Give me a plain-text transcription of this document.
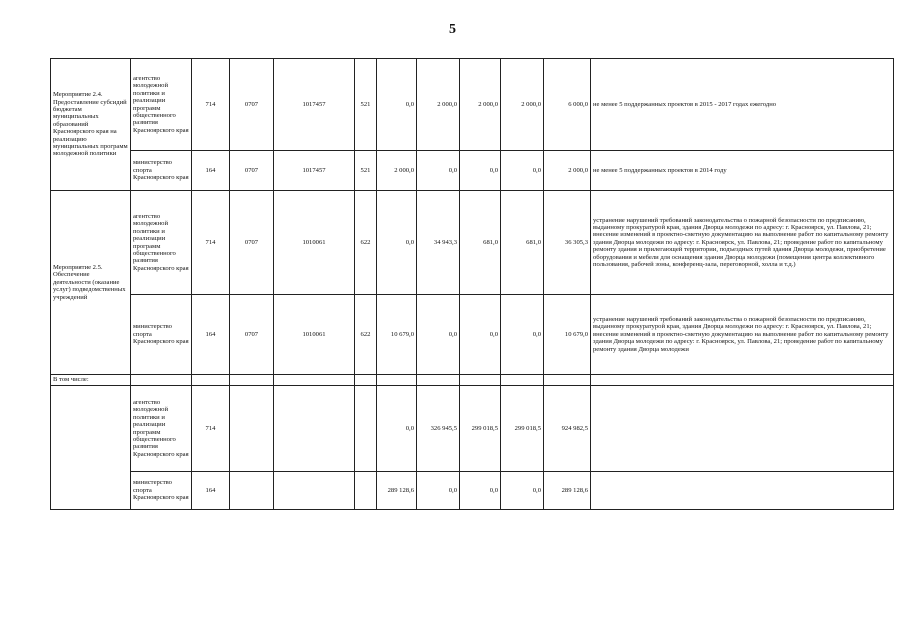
5
Мероприятие 2.4. Предоставление субсидий бюджетам муниципальных образований Красноярского края на реализацию муниципальных программ молодежной политики	агентство молодежной политики и реализации программ общественного развития Красноярского края	714	0707	1017457	521	0,0	2 000,0	2 000,0	2 000,0	6 000,0	не менее 5 поддержанных проектов в 2015 - 2017 годах ежегодно
	министерство спорта Красноярского края	164	0707	1017457	521	2 000,0	0,0	0,0	0,0	2 000,0	не менее 5 поддержанных проектов в 2014 году
Мероприятие 2.5. Обеспечение деятельности (оказание услуг) подведомственных учреждений	агентство молодежной политики и реализации программ общественного развития Красноярского края	714	0707	1010061	622	0,0	34 943,3	681,0	681,0	36 305,3	устранение нарушений требований законодательства о пожарной безопасности по предписанию, выданному прокуратурой края, здания Дворца молодежи по адресу: г. Красноярск, ул. Павлова, 21; внесение изменений в проектно-сметную документацию на выполнение работ по капитальному ремонту здания Дворца молодежи по адресу: г. Красноярск, ул. Павлова, 21; проведение работ по капитальному ремонту здания и прилегающей территории, подъездных путей здания Дворца молодежи, приобретение оборудования и мебели для оснащения здания Дворца молодежи (помещения центра коллективного пользования, рабочей зоны, конференц-зала, переговорной, холла и т.д.)
	министерство спорта Красноярского края	164	0707	1010061	622	10 679,0	0,0	0,0	0,0	10 679,0	устранение нарушений требований законодательства о пожарной безопасности по предписанию, выданному прокуратурой края, здания Дворца молодежи по адресу: г. Красноярск, ул. Павлова, 21; внесение изменений в проектно-сметную документацию на выполнение работ по капитальному ремонту здания Дворца молодежи по адресу: г. Красноярск, ул. Павлова, 21; проведение работ по капитальному ремонту здания Дворца молодежи
В том числе:											
	агентство молодежной политики и реализации программ общественного развития Красноярского края	714				0,0	326 945,5	299 018,5	299 018,5	924 982,5	
	министерство спорта Красноярского края	164				289 128,6	0,0	0,0	0,0	289 128,6	
